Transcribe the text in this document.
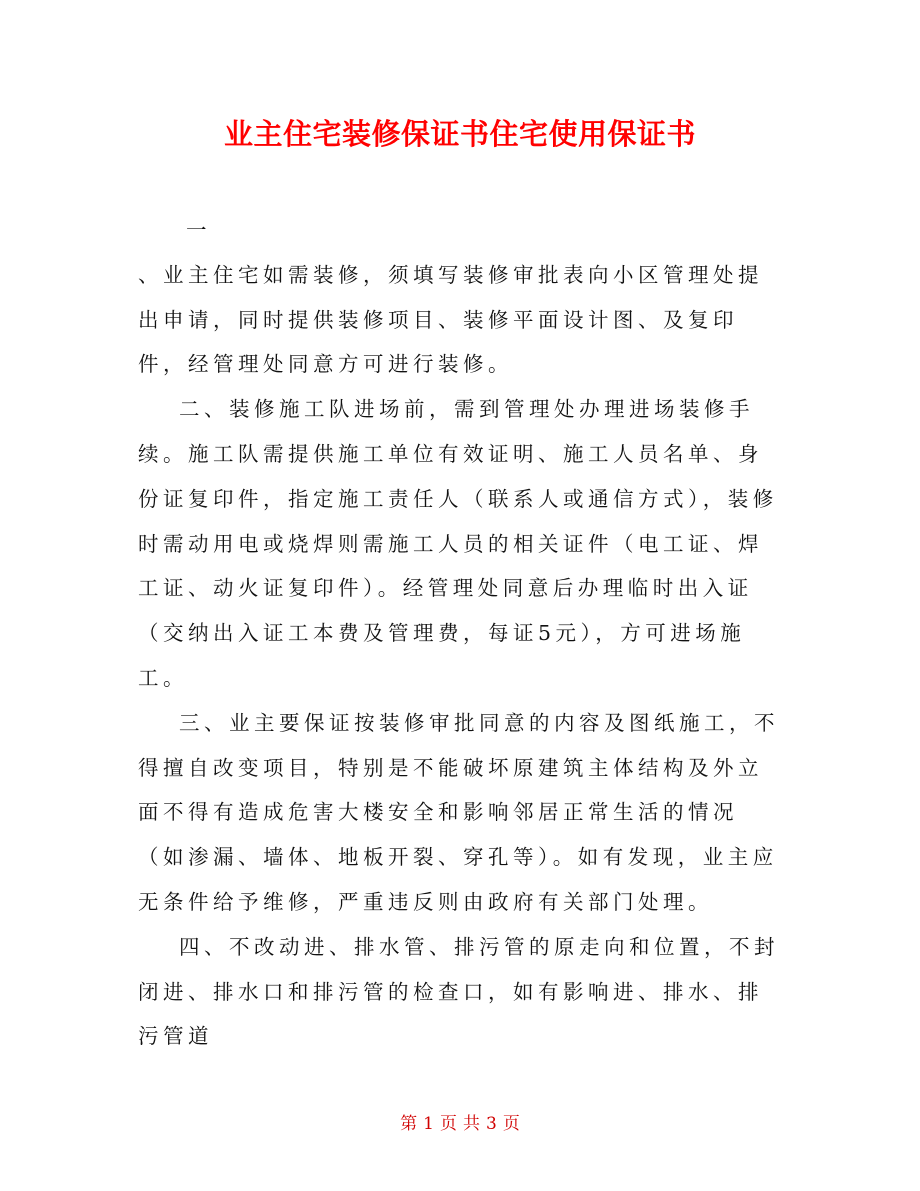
业主住宅装修保证书住宅使用保证书

一

、业主住宅如需装修，须填写装修审批表向小区管理处提出申请，同时提供装修项目、装修平面设计图、及复印件，经管理处同意方可进行装修。

二、装修施工队进场前，需到管理处办理进场装修手续。施工队需提供施工单位有效证明、施工人员名单、身份证复印件，指定施工责任人（联系人或通信方式），装修时需动用电或烧焊则需施工人员的相关证件（电工证、焊工证、动火证复印件）。经管理处同意后办理临时出入证（交纳出入证工本费及管理费，每证5元），方可进场施工。

三、业主要保证按装修审批同意的内容及图纸施工，不得擅自改变项目，特别是不能破坏原建筑主体结构及外立面不得有造成危害大楼安全和影响邻居正常生活的情况（如渗漏、墙体、地板开裂、穿孔等）。如有发现，业主应无条件给予维修，严重违反则由政府有关部门处理。

四、不改动进、排水管、排污管的原走向和位置，不封闭进、排水口和排污管的检查口，如有影响进、排水、排污管道

第 1 页 共 3 页
